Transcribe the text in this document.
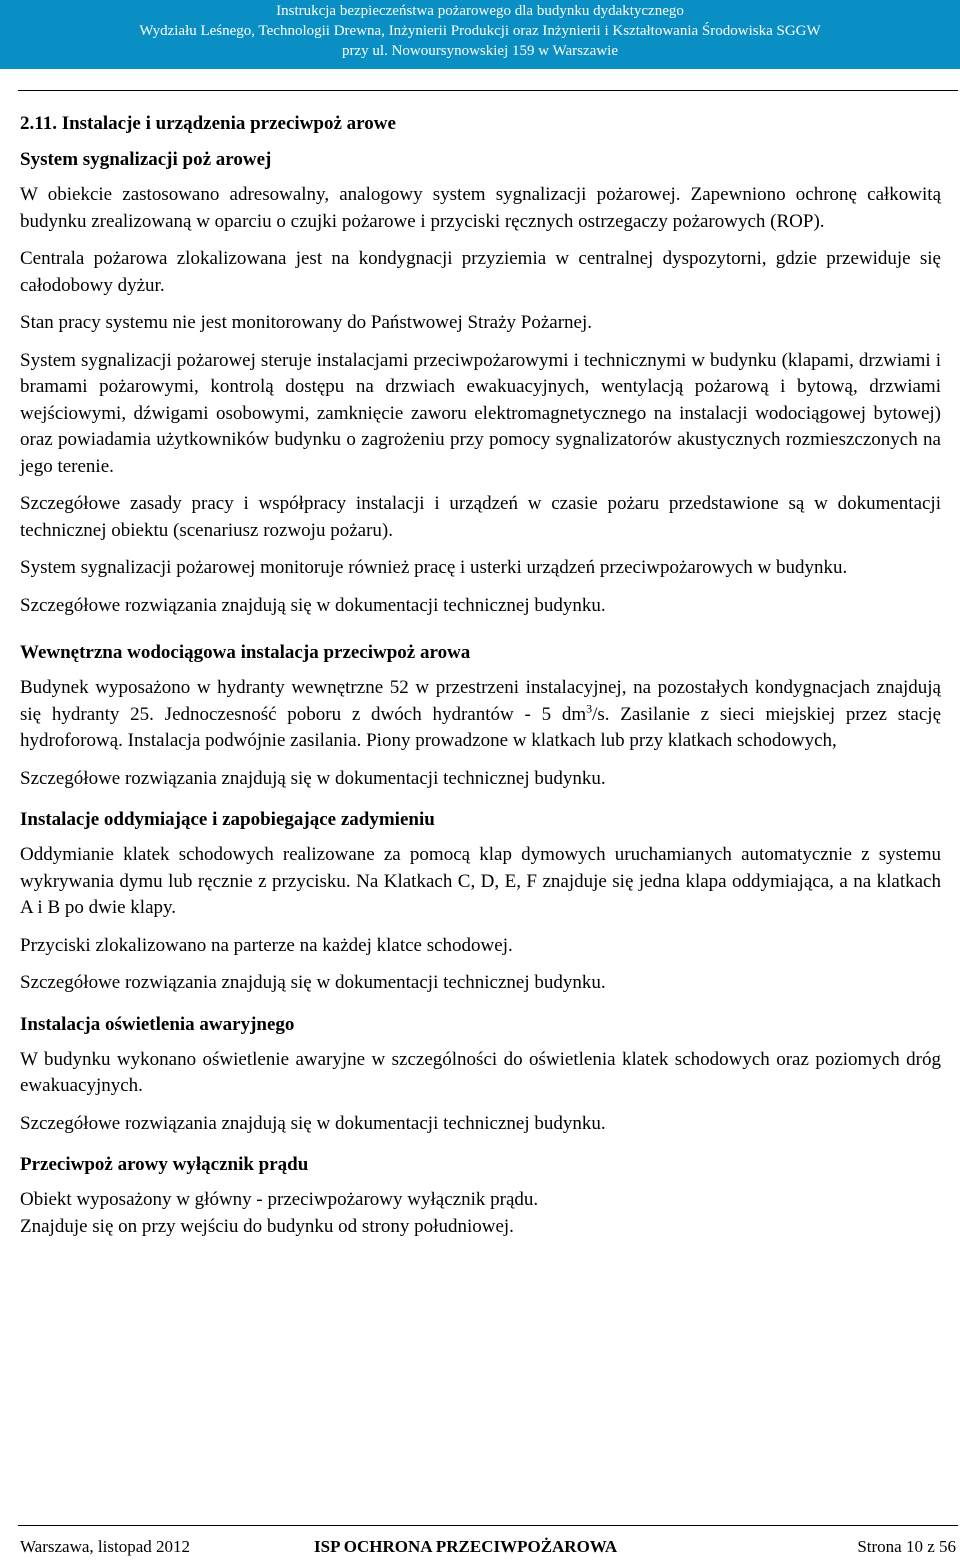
Instrukcja bezpieczeństwa pożarowego dla budynku dydaktycznego
Wydziału Leśnego, Technologii Drewna, Inżynierii Produkcji oraz Inżynierii i Kształtowania Środowiska SGGW
przy ul. Nowoursynowskiej 159 w Warszawie
2.11. Instalacje i urządzenia przeciwpoż arowe
System sygnalizacji poż arowej
W obiekcie zastosowano adresowalny, analogowy system sygnalizacji pożarowej. Zapewniono ochronę całkowitą budynku zrealizowaną w oparciu o czujki pożarowe i przyciski ręcznych ostrzegaczy pożarowych (ROP).
Centrala pożarowa zlokalizowana jest na kondygnacji przyziemia w centralnej dyspozytorni, gdzie przewiduje się całodobowy dyżur.
Stan pracy systemu nie jest monitorowany do Państwowej Straży Pożarnej.
System sygnalizacji pożarowej steruje instalacjami przeciwpożarowymi i technicznymi w budynku (klapami, drzwiami i bramami pożarowymi, kontrolą dostępu na drzwiach ewakuacyjnych, wentylacją pożarową i bytową, drzwiami wejściowymi, dźwigami osobowymi, zamknięcie zaworu elektromagnetycznego na instalacji wodociągowej bytowej) oraz powiadamia użytkowników budynku o zagrożeniu przy pomocy sygnalizatorów akustycznych rozmieszczonych na jego terenie.
Szczegółowe zasady pracy i współpracy instalacji i urządzeń w czasie pożaru przedstawione są w dokumentacji technicznej obiektu (scenariusz rozwoju pożaru).
System sygnalizacji pożarowej monitoruje również pracę i usterki urządzeń przeciwpożarowych w budynku.
Szczegółowe rozwiązania znajdują się w dokumentacji technicznej budynku.
Wewnętrzna wodociągowa instalacja przeciwpoż arowa
Budynek wyposażono w hydranty wewnętrzne 52 w przestrzeni instalacyjnej, na pozostałych kondygnacjach znajdują się hydranty 25. Jednoczesność poboru z dwóch hydrantów - 5 $dm^3/s$. Zasilanie z sieci miejskiej przez stację hydroforową. Instalacja podwójnie zasilania. Piony prowadzone w klatkach lub przy klatkach schodowych,
Szczegółowe rozwiązania znajdują się w dokumentacji technicznej budynku.
Instalacje oddymiające i zapobiegające zadymieniu
Oddymianie klatek schodowych realizowane za pomocą klap dymowych uruchamianych automatycznie z systemu wykrywania dymu lub ręcznie z przycisku. Na Klatkach C, D, E, F znajduje się jedna klapa oddymiająca, a na klatkach A i B po dwie klapy.
Przyciski zlokalizowano na parterze na każdej klatce schodowej.
Szczegółowe rozwiązania znajdują się w dokumentacji technicznej budynku.
Instalacja oświetlenia awaryjnego
W budynku wykonano oświetlenie awaryjne w szczególności do oświetlenia klatek schodowych oraz poziomych dróg ewakuacyjnych.
Szczegółowe rozwiązania znajdują się w dokumentacji technicznej budynku.
Przeciwpoż arowy wyłącznik prądu
Obiekt wyposażony w główny - przeciwpożarowy wyłącznik prądu.
Znajduje się on przy wejściu do budynku od strony południowej.
Warszawa, listopad 2012	ISP OCHRONA PRZECIWPOŻAROWA	Strona 10 z 56
